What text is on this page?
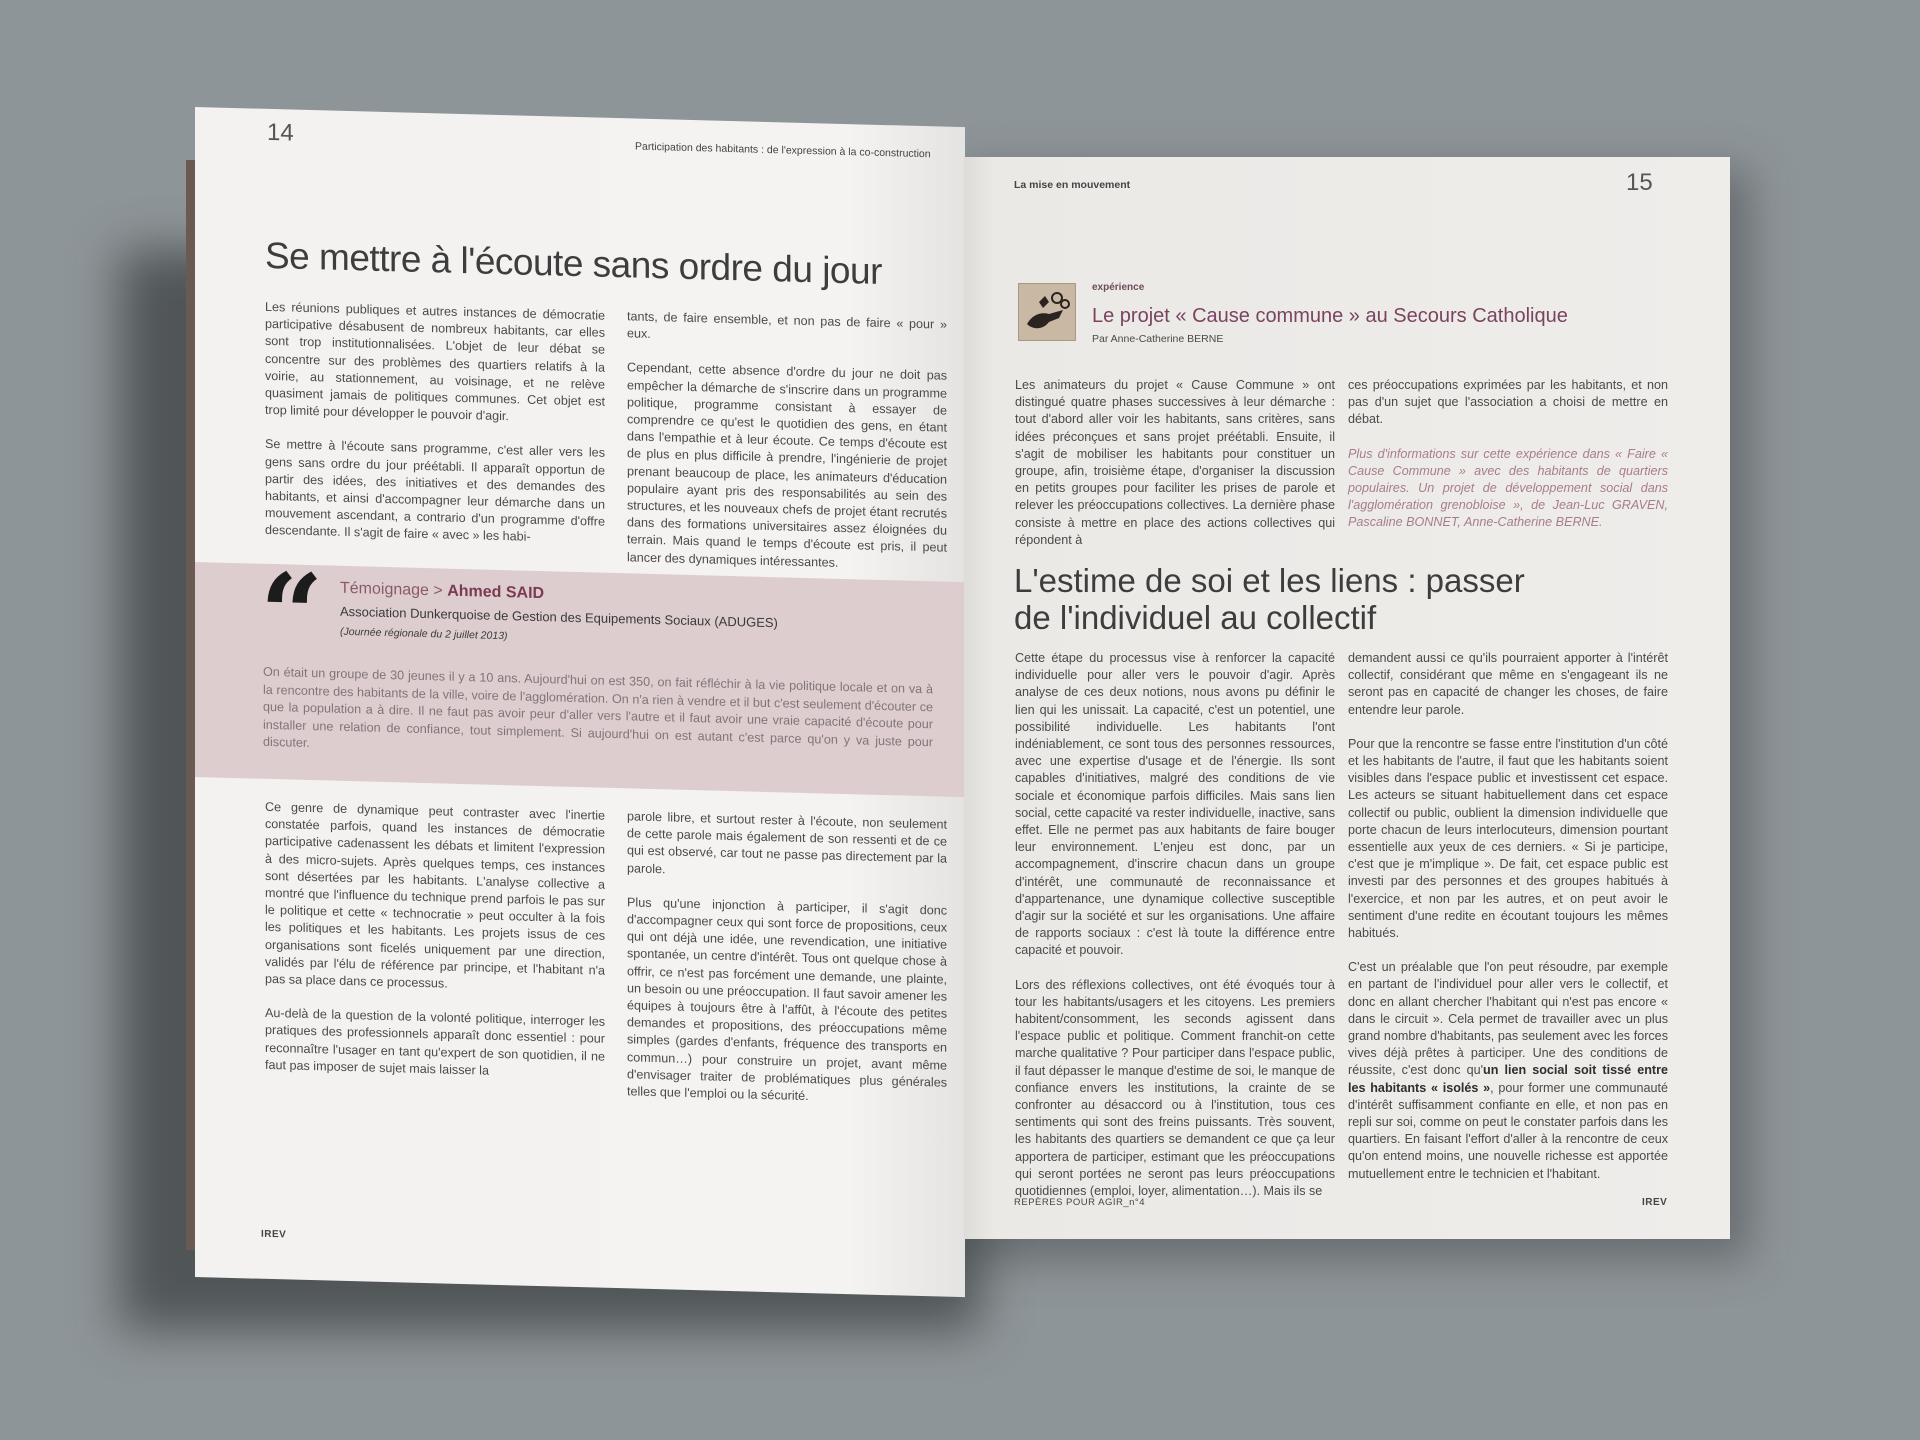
14
Participation des habitants : de l'expression à la co-construction
Se mettre à l'écoute sans ordre du jour

Les réunions publiques et autres instances de démocratie participative désabusent de nombreux habitants, car elles sont trop institutionnalisées. L'objet de leur débat se concentre sur des problèmes des quartiers relatifs à la voirie, au stationnement, au voisinage, et ne relève quasiment jamais de politiques communes. Cet objet est trop limité pour développer le pouvoir d'agir.

Se mettre à l'écoute sans programme, c'est aller vers les gens sans ordre du jour préétabli. Il apparaît opportun de partir des idées, des initiatives et des demandes des habitants, et ainsi d'accompagner leur démarche dans un mouvement ascendant, a contrario d'un programme d'offre descendante. Il s'agit de faire « avec » les habi-

tants, de faire ensemble, et non pas de faire « pour » eux.

Cependant, cette absence d'ordre du jour ne doit pas empêcher la démarche de s'inscrire dans un programme politique, programme consistant à essayer de comprendre ce qu'est le quotidien des gens, en étant dans l'empathie et à leur écoute. Ce temps d'écoute est de plus en plus difficile à prendre, l'ingénierie de projet prenant beaucoup de place, les animateurs d'éducation populaire ayant pris des responsabilités au sein des structures, et les nouveaux chefs de projet étant recrutés dans des formations universitaires assez éloignées du terrain. Mais quand le temps d'écoute est pris, il peut lancer des dynamiques intéressantes.

“ Témoignage > Ahmed SAID
Association Dunkerquoise de Gestion des Equipements Sociaux (ADUGES)
(Journée régionale du 2 juillet 2013)
On était un groupe de 30 jeunes il y a 10 ans. Aujourd'hui on est 350, on fait réfléchir à la vie politique locale et on va à la rencontre des habitants de la ville, voire de l'agglomération. On n'a rien à vendre et il but c'est seulement d'écouter ce que la population a à dire. Il ne faut pas avoir peur d'aller vers l'autre et il faut avoir une vraie capacité d'écoute pour installer une relation de confiance, tout simplement. Si aujourd'hui on est autant c'est parce qu'on y va juste pour discuter.

Ce genre de dynamique peut contraster avec l'inertie constatée parfois, quand les instances de démocratie participative cadenassent les débats et limitent l'expression à des micro-sujets. Après quelques temps, ces instances sont désertées par les habitants. L'analyse collective a montré que l'influence du technique prend parfois le pas sur le politique et cette « technocratie » peut occulter à la fois les politiques et les habitants. Les projets issus de ces organisations sont ficelés uniquement par une direction, validés par l'élu de référence par principe, et l'habitant n'a pas sa place dans ce processus.

Au-delà de la question de la volonté politique, interroger les pratiques des professionnels apparaît donc essentiel : pour reconnaître l'usager en tant qu'expert de son quotidien, il ne faut pas imposer de sujet mais laisser la

parole libre, et surtout rester à l'écoute, non seulement de cette parole mais également de son ressenti et de ce qui est observé, car tout ne passe pas directement par la parole.

Plus qu'une injonction à participer, il s'agit donc d'accompagner ceux qui sont force de propositions, ceux qui ont déjà une idée, une revendication, une initiative spontanée, un centre d'intérêt. Tous ont quelque chose à offrir, ce n'est pas forcément une demande, une plainte, un besoin ou une préoccupation. Il faut savoir amener les équipes à toujours être à l'affût, à l'écoute des petites demandes et propositions, des préoccupations même simples (gardes d'enfants, fréquence des transports en commun…) pour construire un projet, avant même d'envisager traiter de problématiques plus générales telles que l'emploi ou la sécurité.

IREV
La mise en mouvement	15
expérience
Le projet « Cause commune » au Secours Catholique
Par Anne-Catherine BERNE

Les animateurs du projet « Cause Commune » ont distingué quatre phases successives à leur démarche : tout d'abord aller voir les habitants, sans critères, sans idées préconçues et sans projet préétabli. Ensuite, il s'agit de mobiliser les habitants pour constituer un groupe, afin, troisième étape, d'organiser la discussion en petits groupes pour faciliter les prises de parole et relever les préoccupations collectives. La dernière phase consiste à mettre en place des actions collectives qui répondent à

ces préoccupations exprimées par les habitants, et non pas d'un sujet que l'association a choisi de mettre en débat.

Plus d'informations sur cette expérience dans « Faire « Cause Commune » avec des habitants de quartiers populaires. Un projet de développement social dans l'agglomération grenobloise », de Jean-Luc GRAVEN, Pascaline BONNET, Anne-Catherine BERNE.

L'estime de soi et les liens : passer
de l'individuel au collectif

Cette étape du processus vise à renforcer la capacité individuelle pour aller vers le pouvoir d'agir. Après analyse de ces deux notions, nous avons pu définir le lien qui les unissait. La capacité, c'est un potentiel, une possibilité individuelle. Les habitants l'ont indéniablement, ce sont tous des personnes ressources, avec une expertise d'usage et de l'énergie. Ils sont capables d'initiatives, malgré des conditions de vie sociale et économique parfois difficiles. Mais sans lien social, cette capacité va rester individuelle, inactive, sans effet. Elle ne permet pas aux habitants de faire bouger leur environnement. L'enjeu est donc, par un accompagnement, d'inscrire chacun dans un groupe d'intérêt, une communauté de reconnaissance et d'appartenance, une dynamique collective susceptible d'agir sur la société et sur les organisations. Une affaire de rapports sociaux : c'est là toute la différence entre capacité et pouvoir.

Lors des réflexions collectives, ont été évoqués tour à tour les habitants/usagers et les citoyens. Les premiers habitent/consomment, les seconds agissent dans l'espace public et politique. Comment franchit-on cette marche qualitative ? Pour participer dans l'espace public, il faut dépasser le manque d'estime de soi, le manque de confiance envers les institutions, la crainte de se confronter au désaccord ou à l'institution, tous ces sentiments qui sont des freins puissants. Très souvent, les habitants des quartiers se demandent ce que ça leur apportera de participer, estimant que les préoccupations qui seront portées ne seront pas leurs préoccupations quotidiennes (emploi, loyer, alimentation…). Mais ils se

demandent aussi ce qu'ils pourraient apporter à l'intérêt collectif, considérant que même en s'engageant ils ne seront pas en capacité de changer les choses, de faire entendre leur parole.

Pour que la rencontre se fasse entre l'institution d'un côté et les habitants de l'autre, il faut que les habitants soient visibles dans l'espace public et investissent cet espace. Les acteurs se situant habituellement dans cet espace collectif ou public, oublient la dimension individuelle que porte chacun de leurs interlocuteurs, dimension pourtant essentielle aux yeux de ces derniers. « Si je participe, c'est que je m'implique ». De fait, cet espace public est investi par des personnes et des groupes habitués à l'exercice, et non par les autres, et on peut avoir le sentiment d'une redite en écoutant toujours les mêmes habitués.

C'est un préalable que l'on peut résoudre, par exemple en partant de l'individuel pour aller vers le collectif, et donc en allant chercher l'habitant qui n'est pas encore « dans le circuit ». Cela permet de travailler avec un plus grand nombre d'habitants, pas seulement avec les forces vives déjà prêtes à participer. Une des conditions de réussite, c'est donc qu'un lien social soit tissé entre les habitants « isolés », pour former une communauté d'intérêt suffisamment confiante en elle, et non pas en repli sur soi, comme on peut le constater parfois dans les quartiers. En faisant l'effort d'aller à la rencontre de ceux qu'on entend moins, une nouvelle richesse est apportée mutuellement entre le technicien et l'habitant.

REPÈRES POUR AGIR_n°4	IREV
